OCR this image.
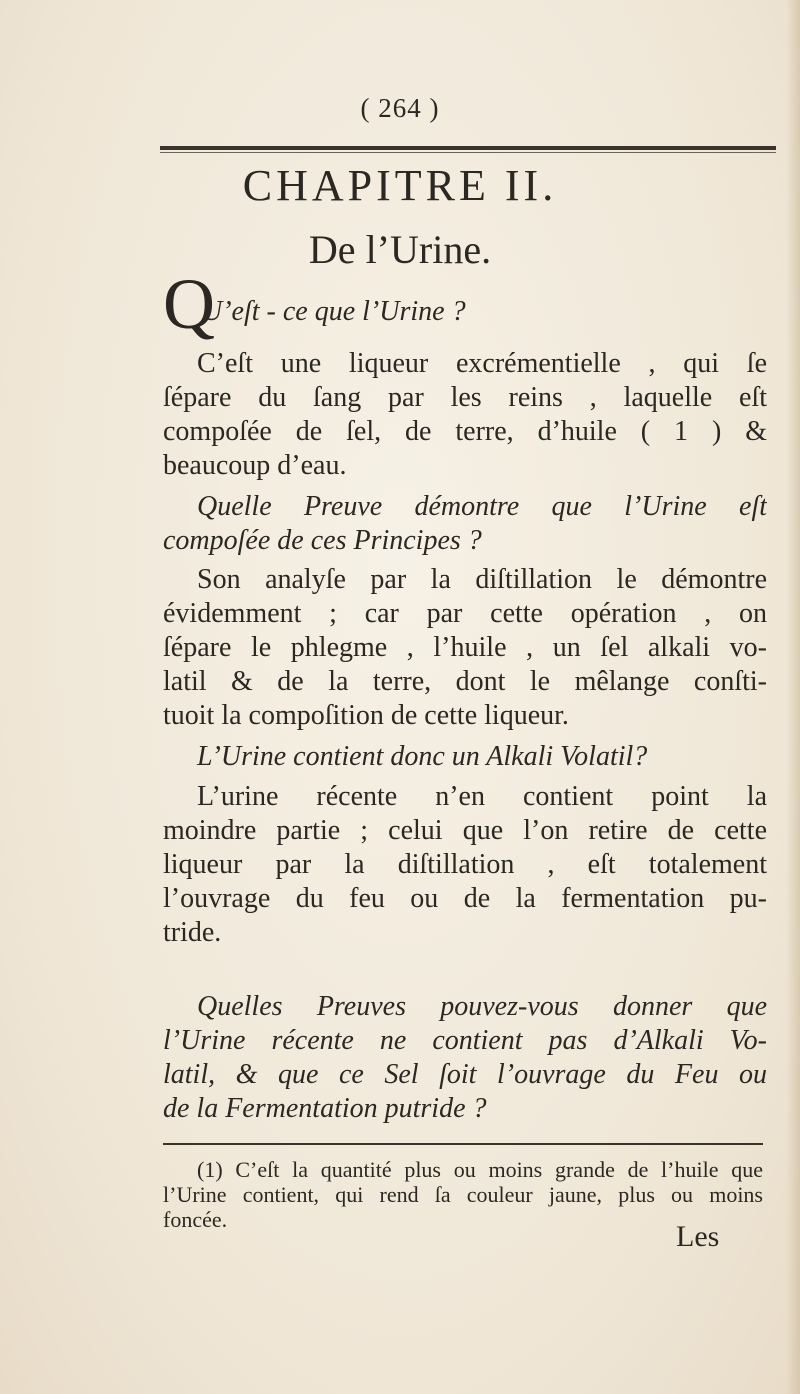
( 264 )
CHAPITRE II.
De l’Urine.
Q
U’eſt - ce que l’Urine ?
C’eſt une liqueur excrémentielle , qui ſe
ſépare du ſang par les reins , laquelle eſt
compoſée de ſel, de terre, d’huile ( 1 ) &
beaucoup d’eau.
Quelle Preuve démontre que l’Urine eſt
compoſée de ces Principes ?
Son analyſe par la diſtillation le démontre
évidemment ; car par cette opération , on
ſépare le phlegme , l’huile , un ſel alkali vo-
latil & de la terre, dont le mêlange conſti-
tuoit la compoſition de cette liqueur.
L’Urine contient donc un Alkali Volatil?
L’urine récente n’en contient point la
moindre partie ; celui que l’on retire de cette
liqueur par la diſtillation , eſt totalement
l’ouvrage du feu ou de la fermentation pu-
tride.
Quelles Preuves pouvez-vous donner que
l’Urine récente ne contient pas d’Alkali Vo-
latil, & que ce Sel ſoit l’ouvrage du Feu ou
de la Fermentation putride ?
(1) C’eſt la quantité plus ou moins grande de l’huile que
l’Urine contient, qui rend ſa couleur jaune, plus ou moins
foncée.
Les
